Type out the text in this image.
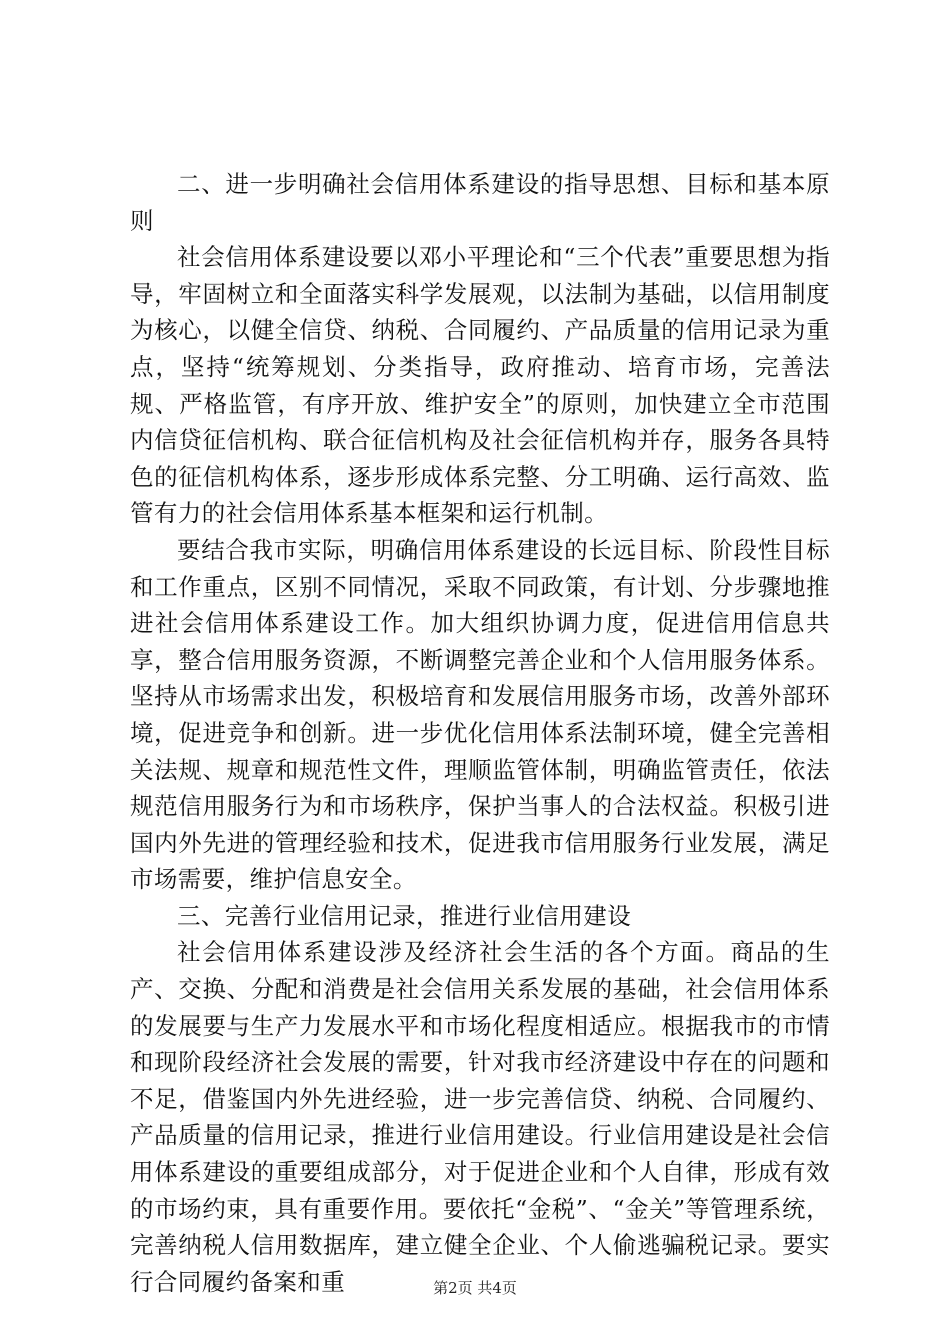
二、进一步明确社会信用体系建设的指导思想、目标和基本原则

社会信用体系建设要以邓小平理论和“三个代表”重要思想为指导，牢固树立和全面落实科学发展观，以法制为基础，以信用制度为核心，以健全信贷、纳税、合同履约、产品质量的信用记录为重点，坚持“统筹规划、分类指导，政府推动、培育市场，完善法规、严格监管，有序开放、维护安全”的原则，加快建立全市范围内信贷征信机构、联合征信机构及社会征信机构并存，服务各具特色的征信机构体系，逐步形成体系完整、分工明确、运行高效、监管有力的社会信用体系基本框架和运行机制。

要结合我市实际，明确信用体系建设的长远目标、阶段性目标和工作重点，区别不同情况，采取不同政策，有计划、分步骤地推进社会信用体系建设工作。加大组织协调力度，促进信用信息共享，整合信用服务资源，不断调整完善企业和个人信用服务体系。坚持从市场需求出发，积极培育和发展信用服务市场，改善外部环境，促进竞争和创新。进一步优化信用体系法制环境，健全完善相关法规、规章和规范性文件，理顺监管体制，明确监管责任，依法规范信用服务行为和市场秩序，保护当事人的合法权益。积极引进国内外先进的管理经验和技术，促进我市信用服务行业发展，满足市场需要，维护信息安全。

三、完善行业信用记录，推进行业信用建设

社会信用体系建设涉及经济社会生活的各个方面。商品的生产、交换、分配和消费是社会信用关系发展的基础，社会信用体系的发展要与生产力发展水平和市场化程度相适应。根据我市的市情和现阶段经济社会发展的需要，针对我市经济建设中存在的问题和不足，借鉴国内外先进经验，进一步完善信贷、纳税、合同履约、产品质量的信用记录，推进行业信用建设。行业信用建设是社会信用体系建设的重要组成部分，对于促进企业和个人自律，形成有效的市场约束，具有重要作用。要依托“金税”、“金关”等管理系统，完善纳税人信用数据库，建立健全企业、个人偷逃骗税记录。要实行合同履约备案和重	第2页 共4页
